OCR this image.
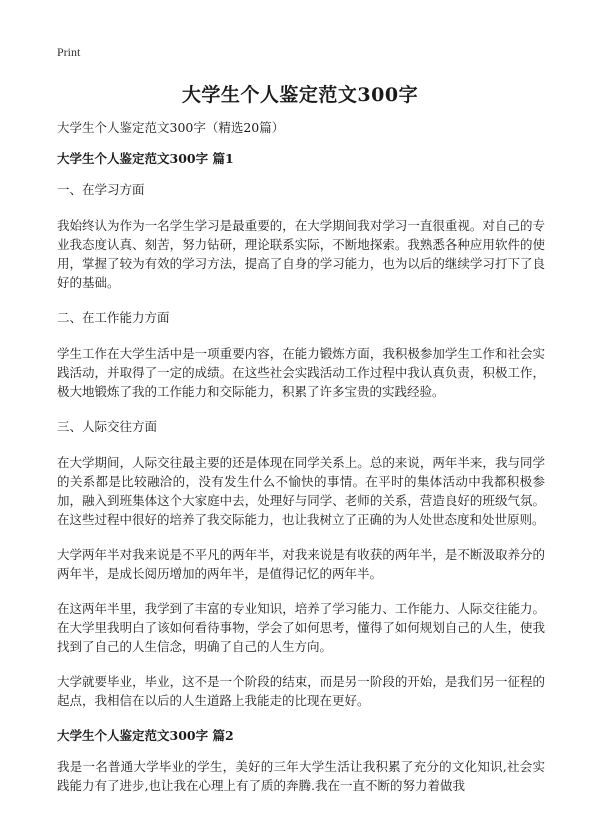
Print
大学生个人鉴定范文300字

大学生个人鉴定范文300字（精选20篇）

大学生个人鉴定范文300字 篇1

一、在学习方面

我始终认为作为一名学生学习是最重要的，在大学期间我对学习一直很重视。对自己的专业我态度认真、刻苦，努力钻研，理论联系实际，不断地探索。我熟悉各种应用软件的使用，掌握了较为有效的学习方法，提高了自身的学习能力，也为以后的继续学习打下了良好的基础。

二、在工作能力方面

学生工作在大学生活中是一项重要内容，在能力锻炼方面，我积极参加学生工作和社会实践活动，并取得了一定的成绩。在这些社会实践活动工作过程中我认真负责，积极工作，极大地锻炼了我的工作能力和交际能力，积累了许多宝贵的实践经验。

三、人际交往方面

在大学期间，人际交往最主要的还是体现在同学关系上。总的来说，两年半来，我与同学的关系都是比较融洽的，没有发生什么不愉快的事情。在平时的集体活动中我都积极参加，融入到班集体这个大家庭中去，处理好与同学、老师的关系，营造良好的班级气氛。在这些过程中很好的培养了我交际能力，也让我树立了正确的为人处世态度和处世原则。

大学两年半对我来说是不平凡的两年半，对我来说是有收获的两年半，是不断汲取养分的两年半，是成长阅历增加的两年半，是值得记忆的两年半。

在这两年半里，我学到了丰富的专业知识，培养了学习能力、工作能力、人际交往能力。在大学里我明白了该如何看待事物，学会了如何思考，懂得了如何规划自己的人生，使我找到了自己的人生信念，明确了自己的人生方向。

大学就要毕业，毕业，这不是一个阶段的结束，而是另一阶段的开始，是我们另一征程的起点，我相信在以后的人生道路上我能走的比现在更好。

大学生个人鉴定范文300字 篇2

我是一名普通大学毕业的学生，美好的三年大学生活让我积累了充分的文化知识,社会实践能力有了进步,也让我在心理上有了质的奔腾.我在一直不断的努力着做我
